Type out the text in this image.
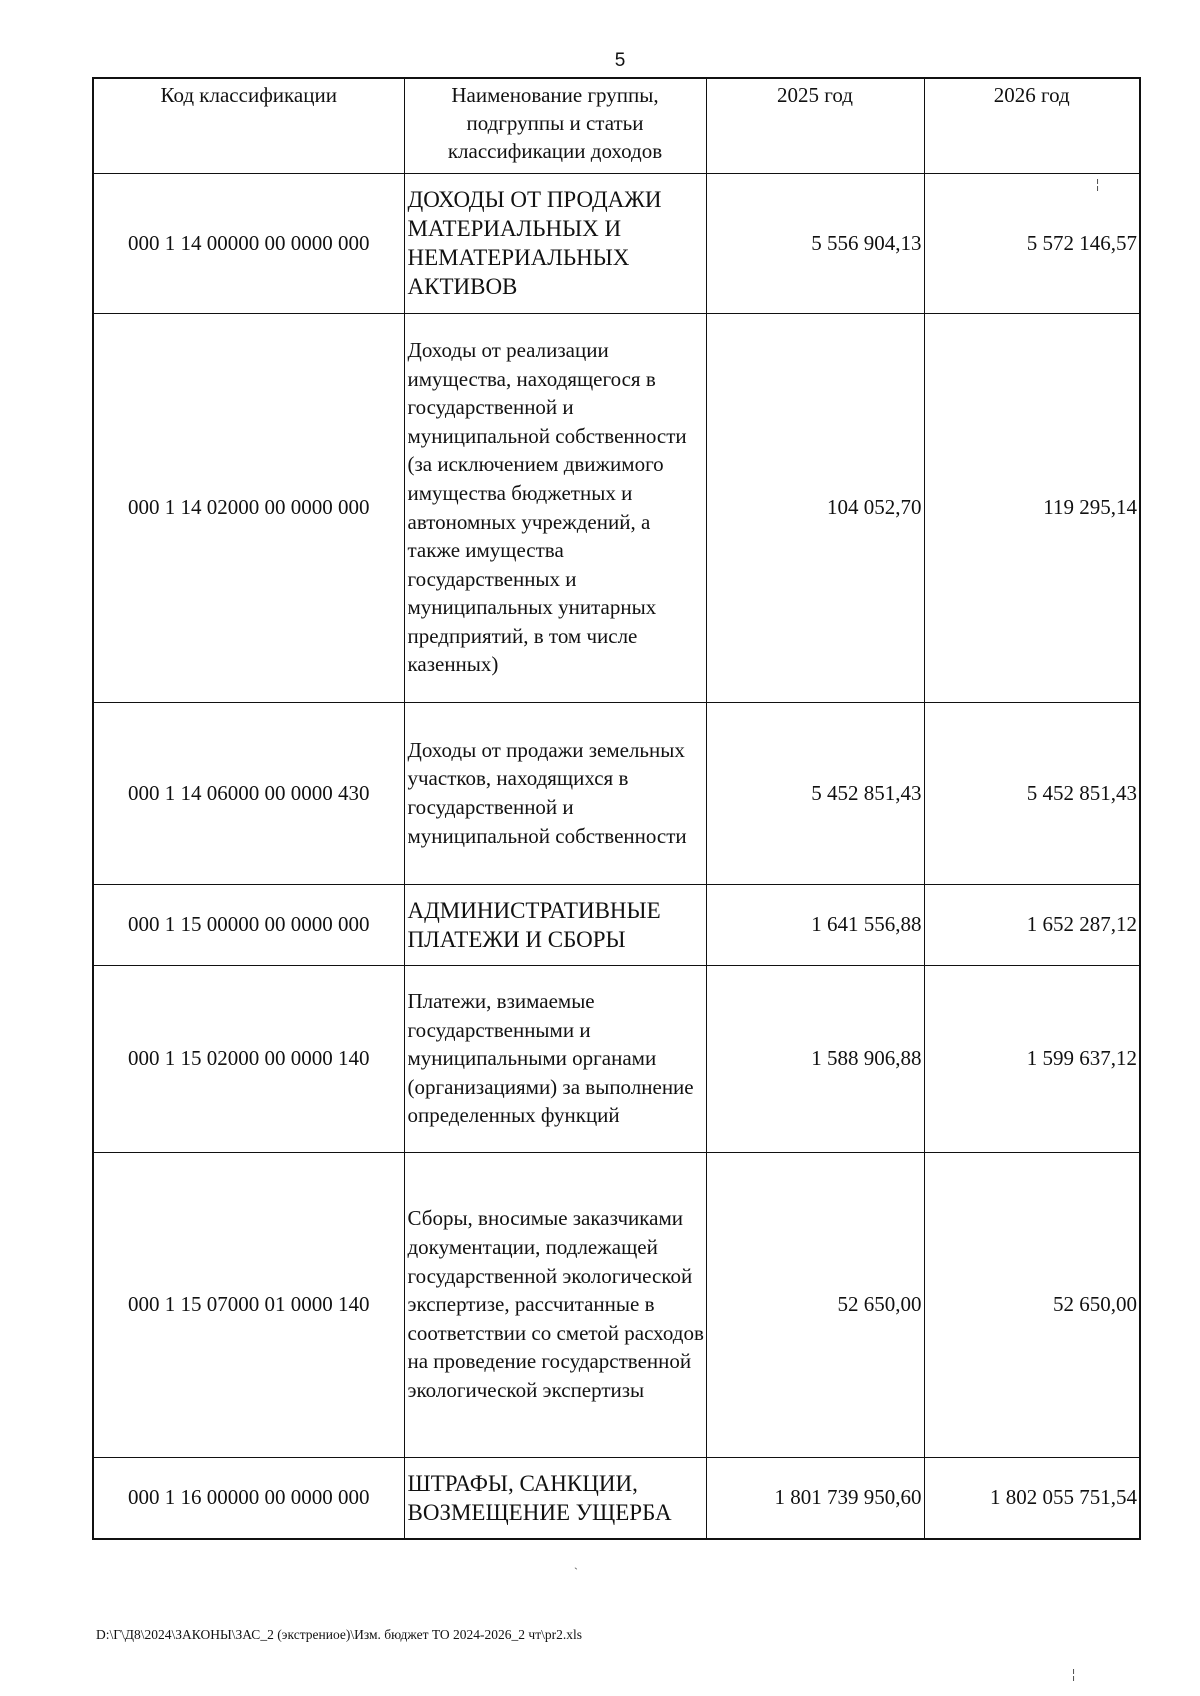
5
Код классификации	Наименование группы, подгруппы и статьи классификации доходов	2025 год	2026 год
000 1 14 00000 00 0000 000	ДОХОДЫ ОТ ПРОДАЖИ МАТЕРИАЛЬНЫХ И НЕМАТЕРИАЛЬНЫХ АКТИВОВ	5 556 904,13	5 572 146,57
000 1 14 02000 00 0000 000	Доходы от реализации имущества, находящегося в государственной и муниципальной собственности (за исключением движимого имущества бюджетных и автономных учреждений, а также имущества государственных и муниципальных унитарных предприятий, в том числе казенных)	104 052,70	119 295,14
000 1 14 06000 00 0000 430	Доходы от продажи земельных участков, находящихся в государственной и муниципальной собственности	5 452 851,43	5 452 851,43
000 1 15 00000 00 0000 000	АДМИНИСТРАТИВНЫЕ ПЛАТЕЖИ И СБОРЫ	1 641 556,88	1 652 287,12
000 1 15 02000 00 0000 140	Платежи, взимаемые государственными и муниципальными органами (организациями) за выполнение определенных функций	1 588 906,88	1 599 637,12
000 1 15 07000 01 0000 140	Сборы, вносимые заказчиками документации, подлежащей государственной экологической экспертизе, рассчитанные в соответствии со сметой расходов на проведение государственной экологической экспертизы	52 650,00	52 650,00
000 1 16 00000 00 0000 000	ШТРАФЫ, САНКЦИИ, ВОЗМЕЩЕНИЕ УЩЕРБА	1 801 739 950,60	1 802 055 751,54
╎
ˎ
╎
D:\Г\Д8\2024\ЗАКОНЫ\ЗАС_2 (экстрениое)\Изм. бюджет ТО 2024-2026_2 чт\pr2.xls
